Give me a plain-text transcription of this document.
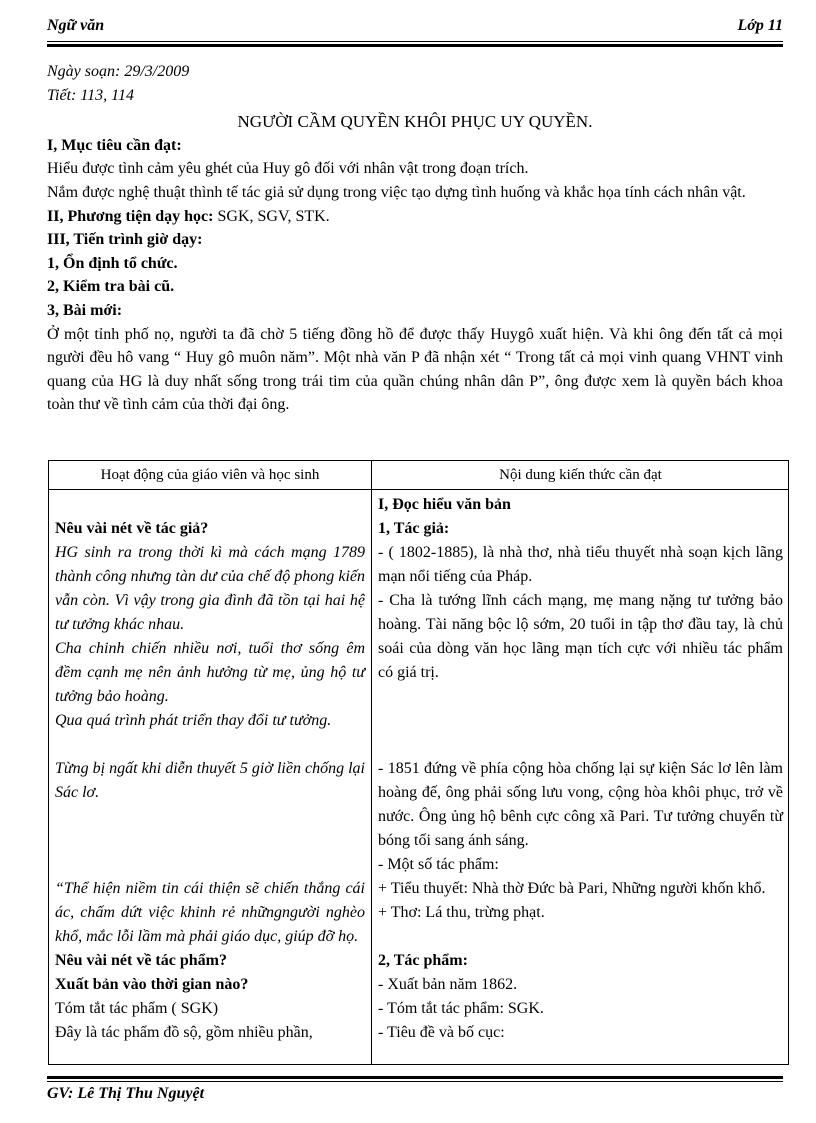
Ngữ văn	Lớp 11
Ngày soạn: 29/3/2009
Tiết: 113, 114
NGƯỜI CẦM QUYỀN KHÔI PHỤC UY QUYỀN.
I, Mục tiêu cần đạt:
Hiểu được tình cảm yêu ghét của Huy gô đối với nhân vật trong đoạn trích.
Nắm được nghệ thuật thình tế tác giả sử dụng trong việc tạo dựng tình huống và khắc họa tính cách nhân vật.
II, Phương tiện dạy học: SGK, SGV, STK.
III, Tiến trình giờ dạy:
1, Ổn định tổ chức.
2, Kiểm tra bài cũ.
3, Bài mới:
Ở một tỉnh phố nọ, người ta đã chờ 5 tiếng đồng hồ để được thấy Huygô xuất hiện. Và khi ông đến tất cả mọi người đều hô vang “ Huy gô muôn năm”. Một nhà văn P đã nhận xét “ Trong tất cả mọi vinh quang VHNT vinh quang của HG là duy nhất sống trong trái tim của quần chúng nhân dân P”, ông được xem là quyền bách khoa toàn thư về tình cảm của thời đại ông.
Hoạt động của giáo viên và học sinh	Nội dung kiến thức cần đạt
Nêu vài nét về tác giả?
HG sinh ra trong thời kì mà cách mạng 1789 thành công nhưng tàn dư của chế độ phong kiến vẫn còn. Vì vậy trong gia đình đã tồn tại hai hệ tư tưởng khác nhau.
Cha chinh chiến nhiều nơi, tuổi thơ sống êm đềm cạnh mẹ nên ảnh hưởng từ mẹ, ủng hộ tư tưởng bảo hoàng.
Qua quá trình phát triển thay đổi tư tưởng.
Từng bị ngất khi diễn thuyết 5 giờ liền chống lại Sác lơ.
“Thể hiện niềm tin cái thiện sẽ chiến thắng cái ác, chấm dứt việc khinh rẻ nhữngngười nghèo khổ, mắc lỗi lầm mà phải giáo dục, giúp đỡ họ.
Nêu vài nét về tác phẩm?
Xuất bản vào thời gian nào?
Tóm tắt tác phẩm ( SGK)
Đây là tác phẩm đồ sộ, gồm nhiều phần,
I, Đọc hiểu văn bản
1, Tác giả:
- ( 1802-1885), là nhà thơ, nhà tiểu thuyết nhà soạn kịch lãng mạn nổi tiếng của Pháp.
- Cha là tướng lĩnh cách mạng, mẹ mang nặng tư tưởng bảo hoàng. Tài năng bộc lộ sớm, 20 tuổi in tập thơ đầu tay, là chủ soái của dòng văn học lãng mạn tích cực với nhiều tác phẩm có giá trị.
- 1851 đứng về phía cộng hòa chống lại sự kiện Sác lơ lên làm hoàng đế, ông phải sống lưu vong, cộng hòa khôi phục, trở về nước. Ông ủng hộ bênh cực công xã Pari. Tư tưởng chuyển từ bóng tối sang ánh sáng.
- Một số tác phẩm:
+ Tiểu thuyết: Nhà thờ Đức bà Pari, Những người khốn khổ.
+ Thơ: Lá thu, trừng phạt.
2, Tác phẩm:
- Xuất bản năm 1862.
- Tóm tắt tác phẩm: SGK.
- Tiêu đề và bố cục:
GV: Lê Thị Thu Nguyệt
